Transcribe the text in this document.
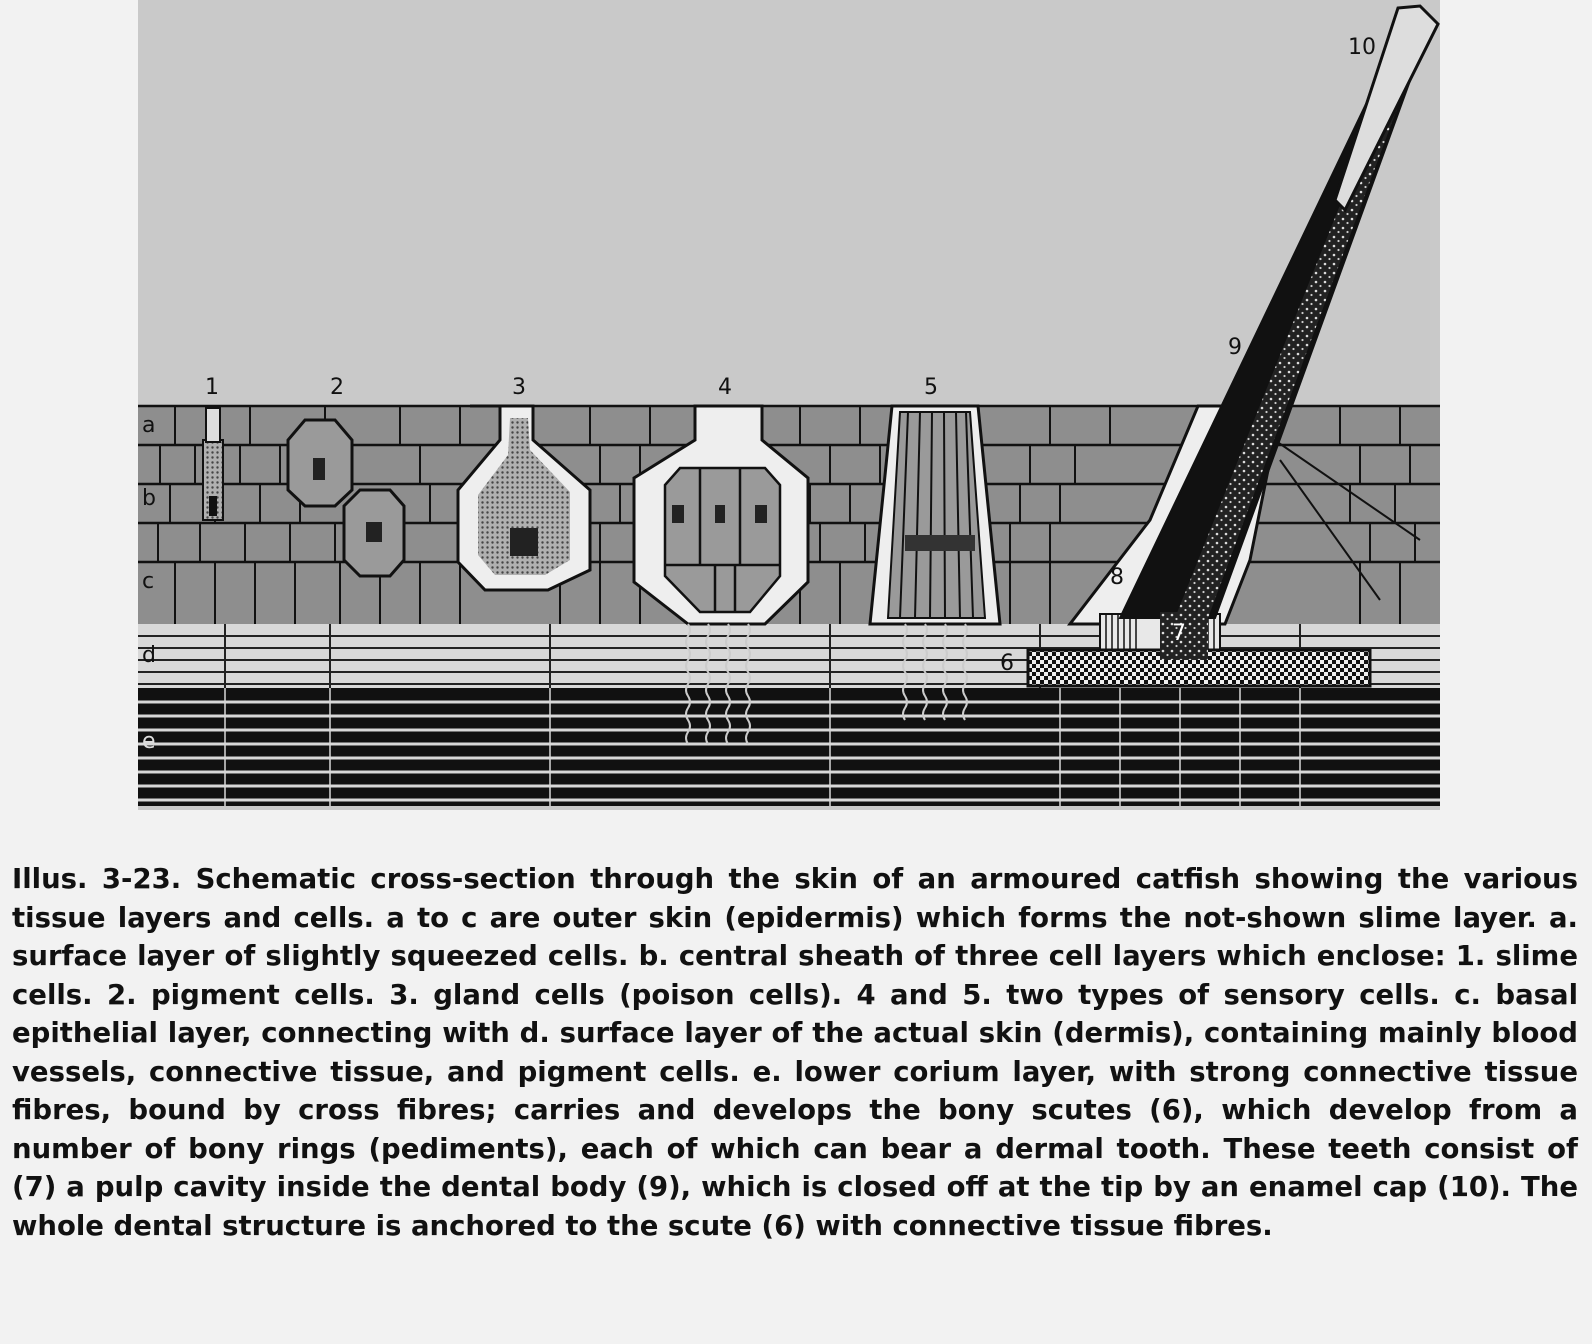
a
b
c
d
e
1	2	3	4	5
6
7
8
9
10

Illus. 3-23. Schematic cross-section through the skin of an armoured catfish showing the various tissue layers and cells. a to c are outer skin (epidermis) which forms the not-shown slime layer. a. surface layer of slightly squeezed cells. b. central sheath of three cell layers which enclose: 1. slime cells. 2. pigment cells. 3. gland cells (poison cells). 4 and 5. two types of sensory cells. c. basal epithelial layer, connecting with d. surface layer of the actual skin (dermis), containing mainly blood vessels, connective tissue, and pigment cells. e. lower corium layer, with strong connective tissue fibres, bound by cross fibres; carries and develops the bony scutes (6), which develop from a number of bony rings (pediments), each of which can bear a dermal tooth. These teeth consist of (7) a pulp cavity inside the dental body (9), which is closed off at the tip by an enamel cap (10). The whole dental structure is anchored to the scute (6) with connective tissue fibres.
